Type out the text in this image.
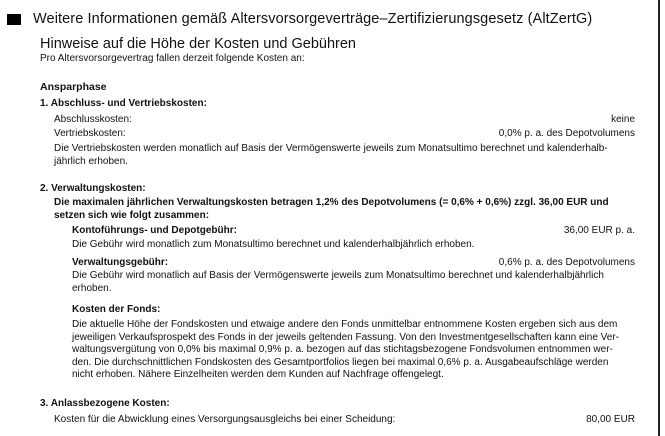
Weitere Informationen gemäß Altersvorsorgeverträge–Zertifizierungsgesetz (AltZertG)
Hinweise auf die Höhe der Kosten und Gebühren
Pro Altersvorsorgevertrag fallen derzeit folgende Kosten an:
Ansparphase
1. Abschluss- und Vertriebskosten:
Abschlusskosten:	keine
Vertriebskosten:	0,0% p. a. des Depotvolumens
Die Vertriebskosten werden monatlich auf Basis der Vermögenswerte jeweils zum Monatsultimo berechnet und kalenderhalb-
jährlich erhoben.
2. Verwaltungskosten:
Die maximalen jährlichen Verwaltungskosten betragen 1,2% des Depotvolumens (= 0,6% + 0,6%) zzgl. 36,00 EUR und
setzen sich wie folgt zusammen:
Kontoführungs- und Depotgebühr:	36,00 EUR p. a.
Die Gebühr wird monatlich zum Monatsultimo berechnet und kalenderhalbjährlich erhoben.
Verwaltungsgebühr:	0,6% p. a. des Depotvolumens
Die Gebühr wird monatlich auf Basis der Vermögenswerte jeweils zum Monatsultimo berechnet und kalenderhalbjährlich
erhoben.
Kosten der Fonds:
Die aktuelle Höhe der Fondskosten und etwaige andere den Fonds unmittelbar entnommene Kosten ergeben sich aus dem
jeweiligen Verkaufsprospekt des Fonds in der jeweils geltenden Fassung. Von den Investmentgesellschaften kann eine Ver-
waltungsvergütung von 0,0% bis maximal 0,9% p. a. bezogen auf das stichtagsbezogene Fondsvolumen entnommen wer-
den. Die durchschnittlichen Fondskosten des Gesamtportfolios liegen bei maximal 0,6% p. a. Ausgabeaufschläge werden
nicht erhoben. Nähere Einzelheiten werden dem Kunden auf Nachfrage offengelegt.
3. Anlassbezogene Kosten:
Kosten für die Abwicklung eines Versorgungsausgleichs bei einer Scheidung:	80,00 EUR
